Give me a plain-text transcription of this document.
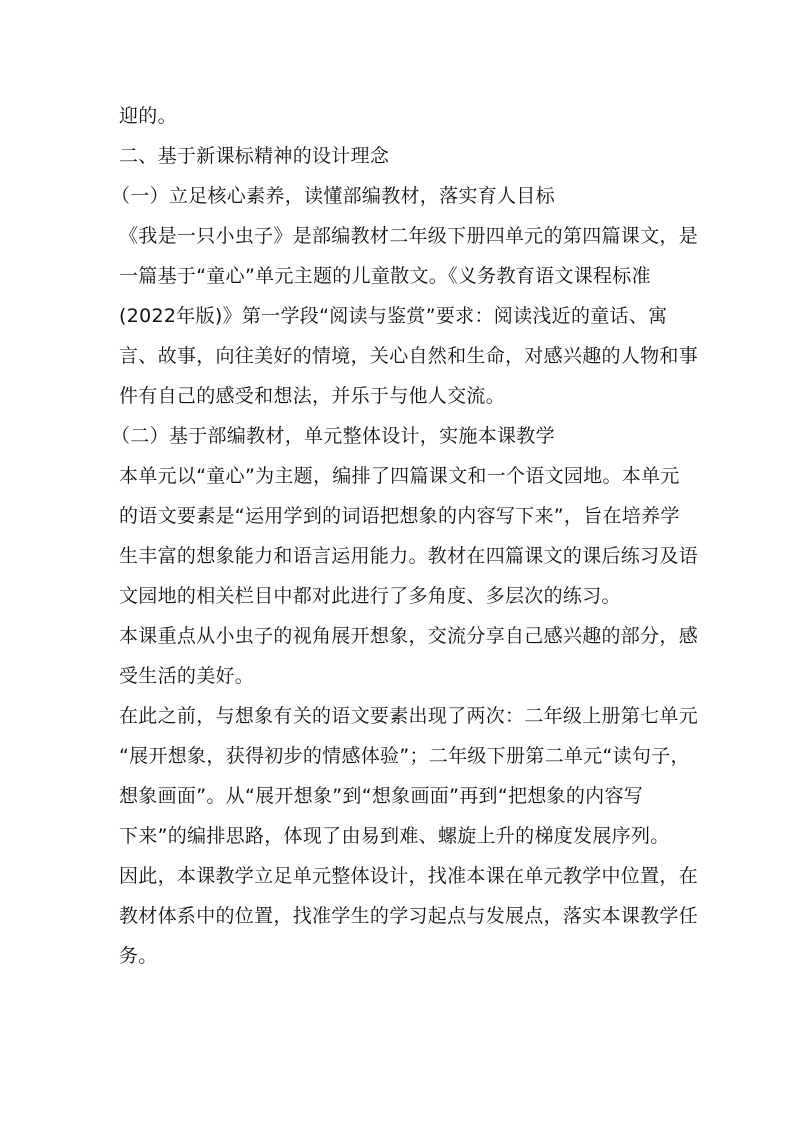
迎的。
二、基于新课标精神的设计理念
（一）立足核心素养，读懂部编教材，落实育人目标
《我是一只小虫子》是部编教材二年级下册四单元的第四篇课文，是
一篇基于“童心”单元主题的儿童散文。《义务教育语文课程标准
(2022年版)》第一学段“阅读与鉴赏”要求：阅读浅近的童话、寓
言、故事，向往美好的情境，关心自然和生命，对感兴趣的人物和事
件有自己的感受和想法，并乐于与他人交流。
（二）基于部编教材，单元整体设计，实施本课教学
本单元以“童心”为主题，编排了四篇课文和一个语文园地。本单元
的语文要素是“运用学到的词语把想象的内容写下来”，旨在培养学
生丰富的想象能力和语言运用能力。教材在四篇课文的课后练习及语
文园地的相关栏目中都对此进行了多角度、多层次的练习。
本课重点从小虫子的视角展开想象，交流分享自己感兴趣的部分，感
受生活的美好。
在此之前，与想象有关的语文要素出现了两次：二年级上册第七单元
“展开想象，获得初步的情感体验”；二年级下册第二单元“读句子，
想象画面”。从“展开想象”到“想象画面”再到“把想象的内容写
下来”的编排思路，体现了由易到难、螺旋上升的梯度发展序列。
因此，本课教学立足单元整体设计，找准本课在单元教学中位置，在
教材体系中的位置，找准学生的学习起点与发展点，落实本课教学任
务。
